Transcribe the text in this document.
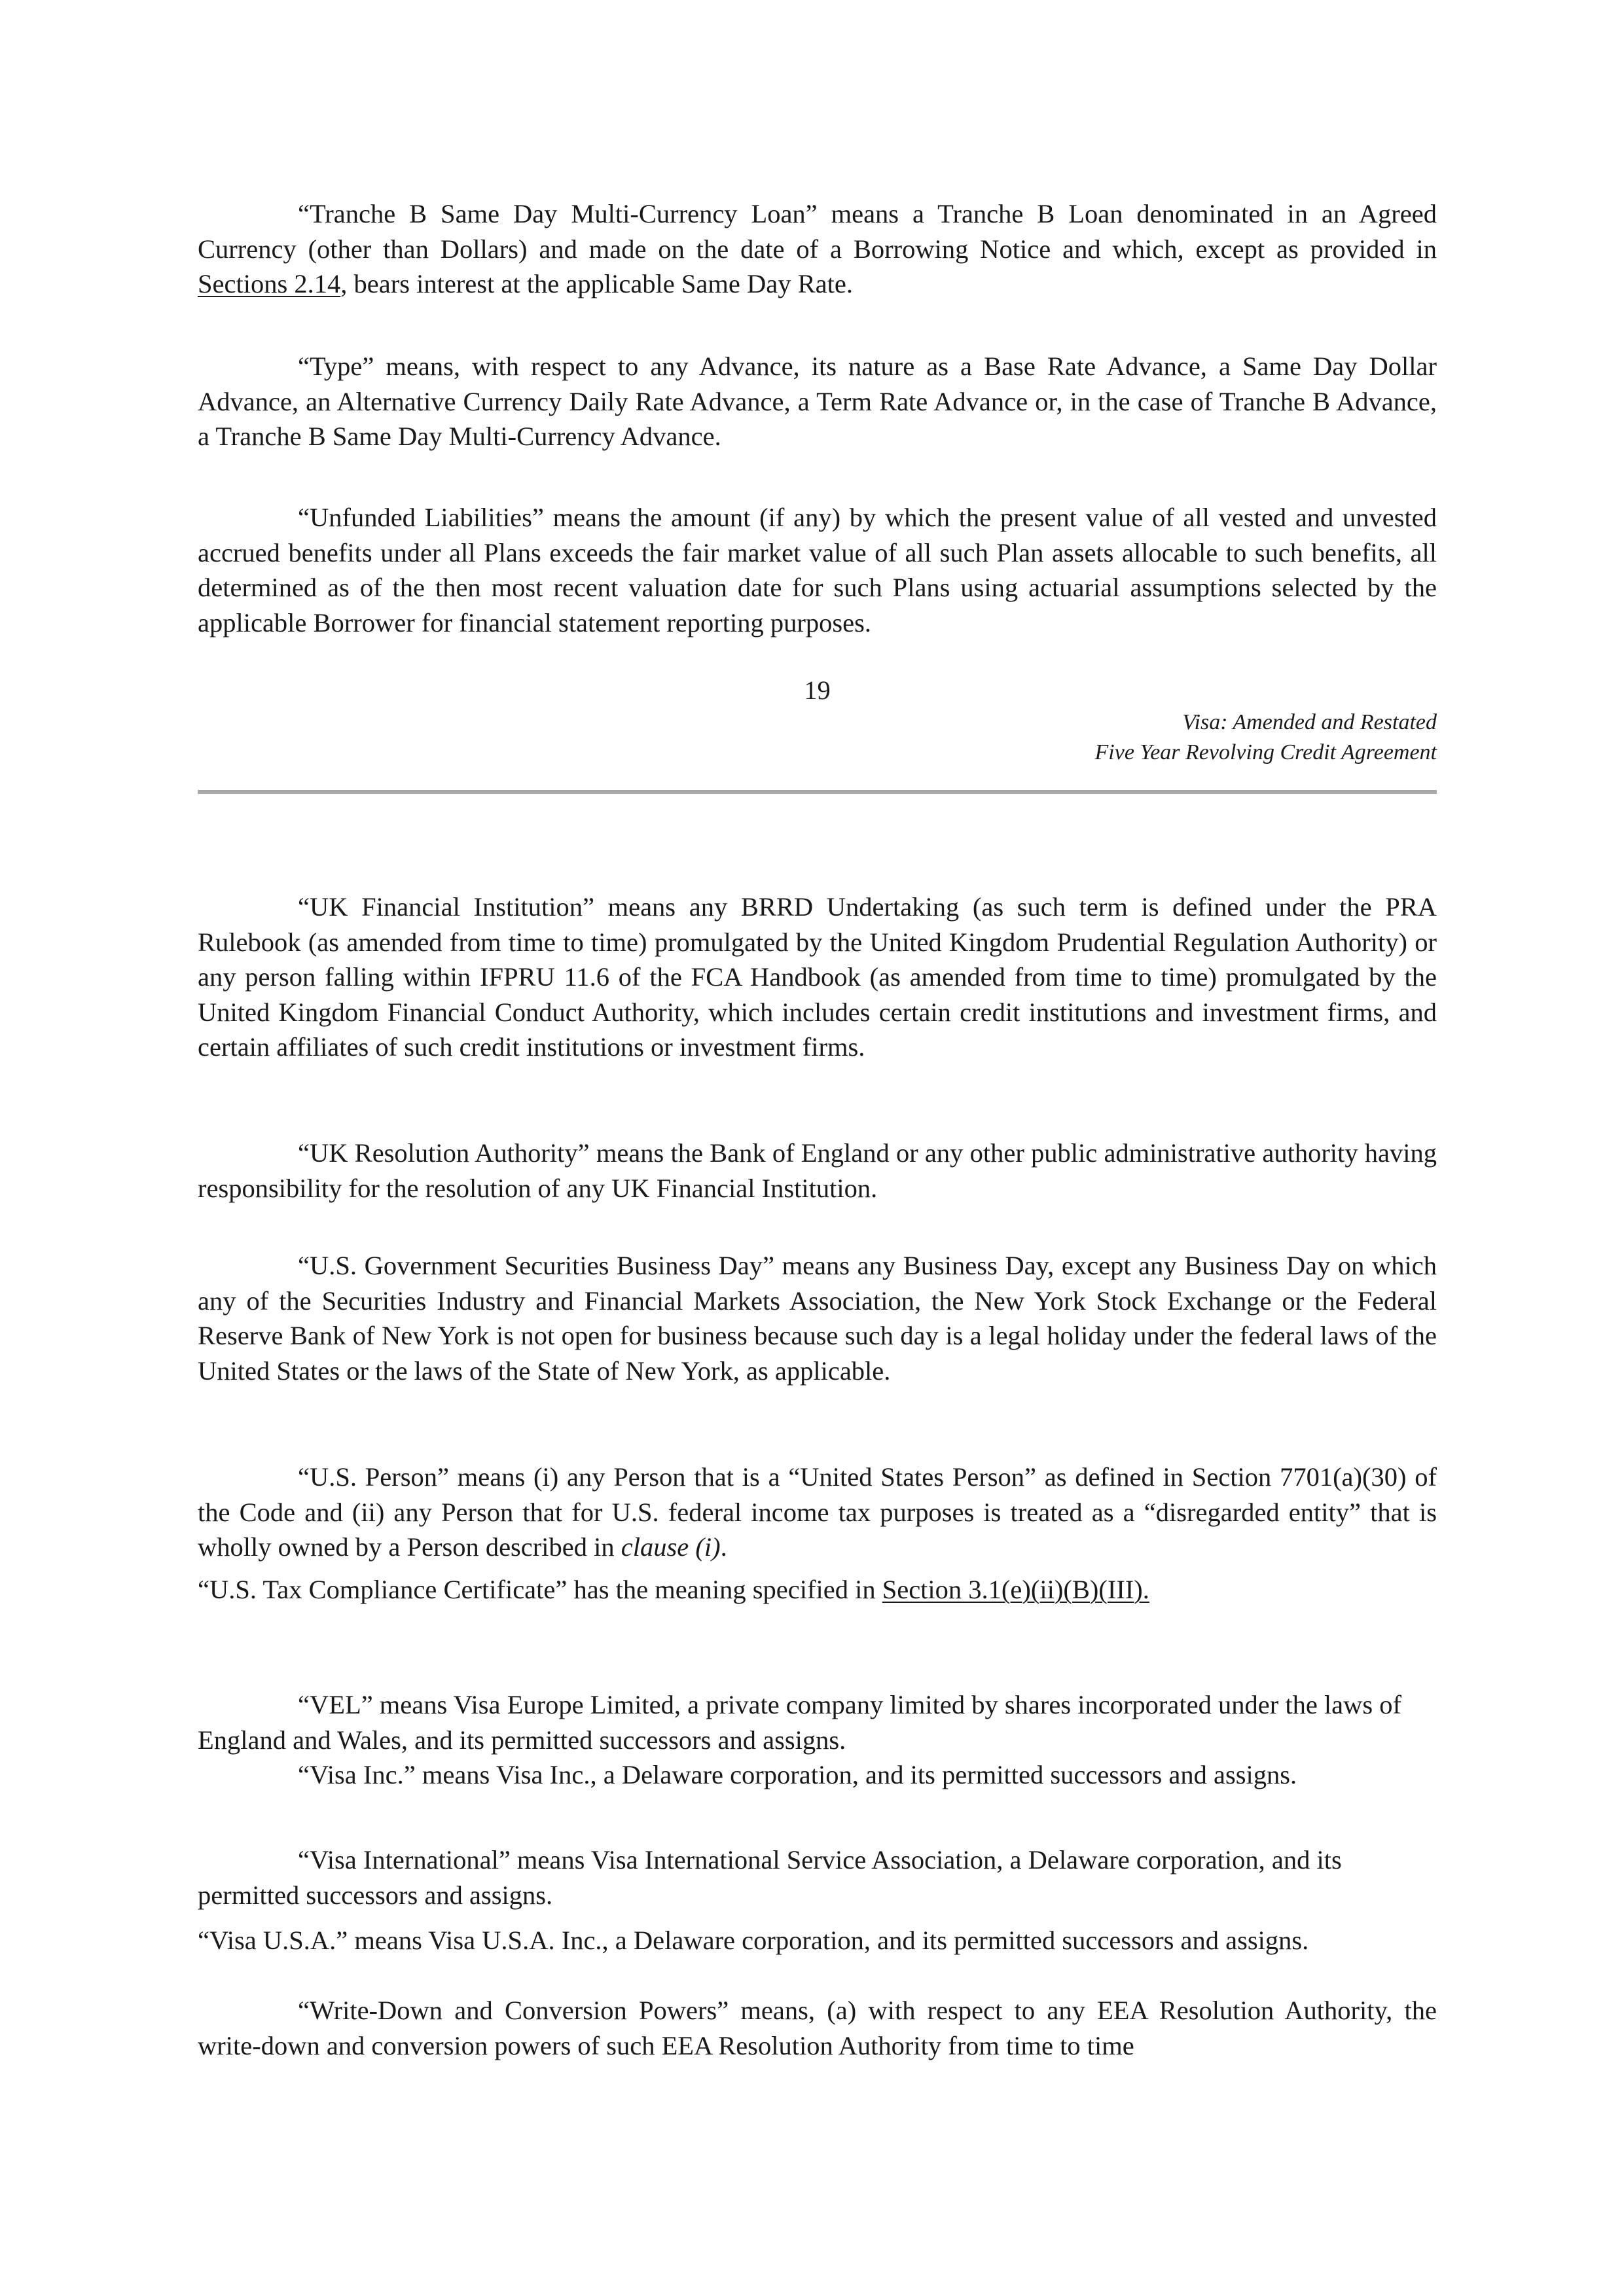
“Tranche B Same Day Multi-Currency Loan” means a Tranche B Loan denominated in an Agreed Currency (other than Dollars) and made on the date of a Borrowing Notice and which, except as provided in Sections 2.14, bears interest at the applicable Same Day Rate.

“Type” means, with respect to any Advance, its nature as a Base Rate Advance, a Same Day Dollar Advance, an Alternative Currency Daily Rate Advance, a Term Rate Advance or, in the case of Tranche B Advance, a Tranche B Same Day Multi-Currency Advance.

“Unfunded Liabilities” means the amount (if any) by which the present value of all vested and unvested accrued benefits under all Plans exceeds the fair market value of all such Plan assets allocable to such benefits, all determined as of the then most recent valuation date for such Plans using actuarial assumptions selected by the applicable Borrower for financial statement reporting purposes.

19
Visa: Amended and Restated
Five Year Revolving Credit Agreement

“UK Financial Institution” means any BRRD Undertaking (as such term is defined under the PRA Rulebook (as amended from time to time) promulgated by the United Kingdom Prudential Regulation Authority) or any person falling within IFPRU 11.6 of the FCA Handbook (as amended from time to time) promulgated by the United Kingdom Financial Conduct Authority, which includes certain credit institutions and investment firms, and certain affiliates of such credit institutions or investment firms.

“UK Resolution Authority” means the Bank of England or any other public administrative authority having responsibility for the resolution of any UK Financial Institution.

“U.S. Government Securities Business Day” means any Business Day, except any Business Day on which any of the Securities Industry and Financial Markets Association, the New York Stock Exchange or the Federal Reserve Bank of New York is not open for business because such day is a legal holiday under the federal laws of the United States or the laws of the State of New York, as applicable.

“U.S. Person” means (i) any Person that is a “United States Person” as defined in Section 7701(a)(30) of the Code and (ii) any Person that for U.S. federal income tax purposes is treated as a “disregarded entity” that is wholly owned by a Person described in clause (i).

“U.S. Tax Compliance Certificate” has the meaning specified in Section 3.1(e)(ii)(B)(III).

“VEL” means Visa Europe Limited, a private company limited by shares incorporated under the laws of England and Wales, and its permitted successors and assigns.

“Visa Inc.” means Visa Inc., a Delaware corporation, and its permitted successors and assigns.

“Visa International” means Visa International Service Association, a Delaware corporation, and its permitted successors and assigns.

“Visa U.S.A.” means Visa U.S.A. Inc., a Delaware corporation, and its permitted successors and assigns.

“Write-Down and Conversion Powers” means, (a) with respect to any EEA Resolution Authority, the write-down and conversion powers of such EEA Resolution Authority from time to time
